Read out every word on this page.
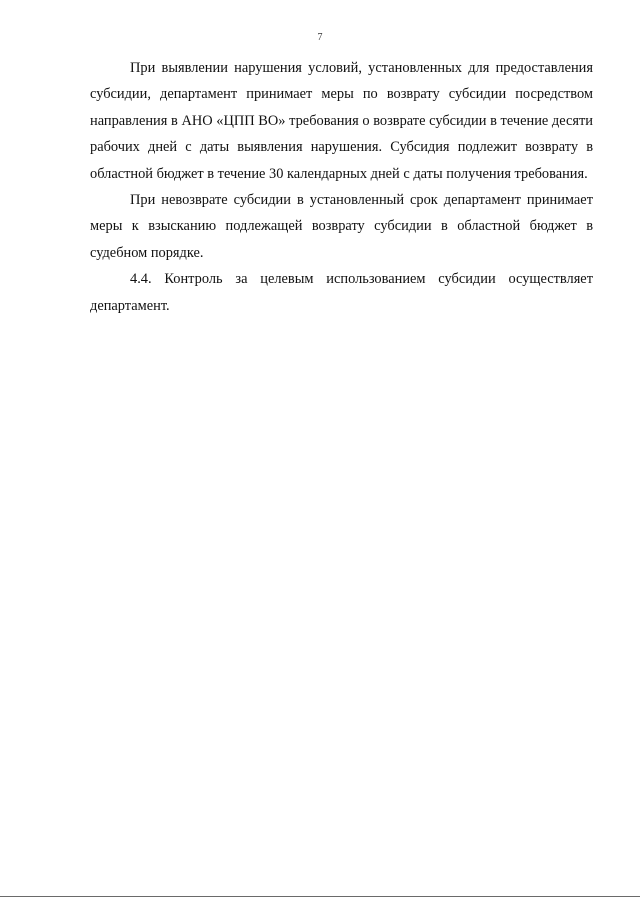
7

При выявлении нарушения условий, установленных для предоставления субсидии, департамент принимает меры по возврату субсидии посредством направления в АНО «ЦПП ВО» требования о возврате субсидии в течение десяти рабочих дней с даты выявления нарушения. Субсидия подлежит возврату в областной бюджет в течение 30 календарных дней с даты получения требования.

При невозврате субсидии в установленный срок департамент принимает меры к взысканию подлежащей возврату субсидии в областной бюджет в судебном порядке.

4.4. Контроль за целевым использованием субсидии осуществляет департамент.
